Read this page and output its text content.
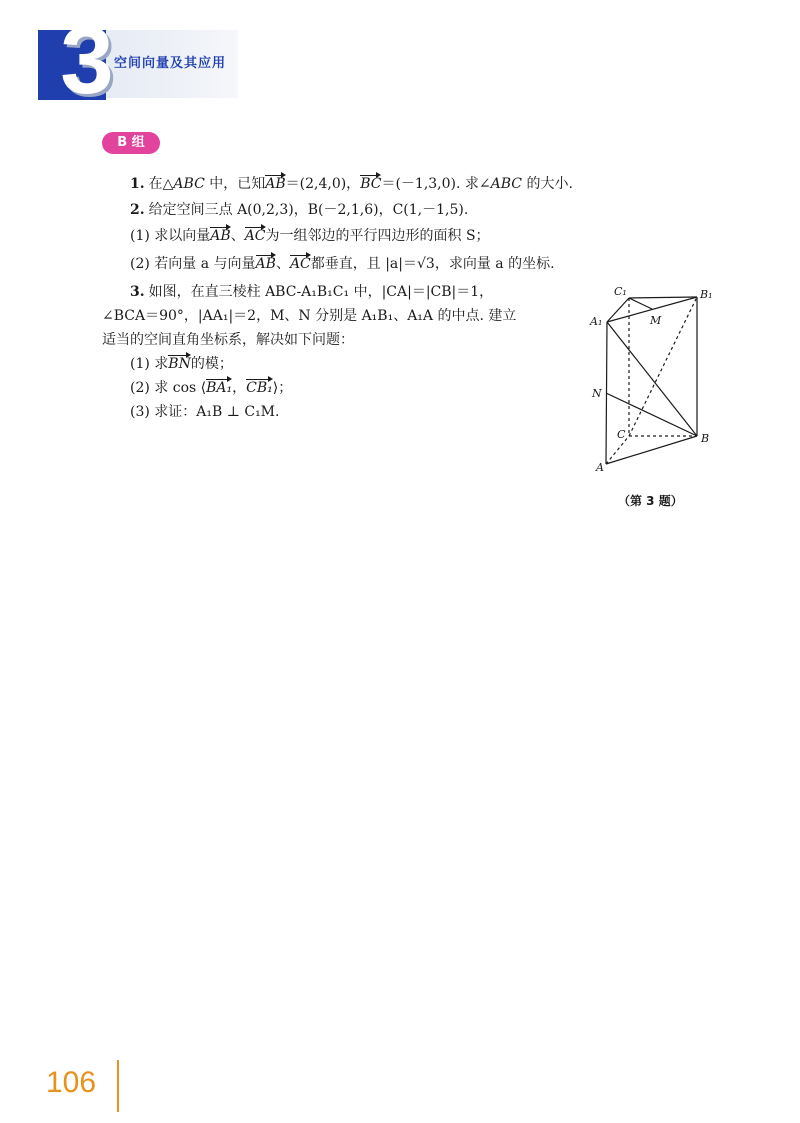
3 空间向量及其应用
B 组
1. 在△ABC 中，已知AB＝(2,4,0)，BC＝(－1,3,0). 求∠ABC 的大小.
2. 给定空间三点 A(0,2,3)，B(－2,1,6)，C(1,－1,5).
(1) 求以向量AB、AC为一组邻边的平行四边形的面积 S；
(2) 若向量 a 与向量AB、AC都垂直，且 |a|＝√3，求向量 a 的坐标.
3. 如图，在直三棱柱 ABC-A₁B₁C₁ 中，|CA|＝|CB|＝1，
∠BCA＝90°，|AA₁|＝2，M、N 分别是 A₁B₁、A₁A 的中点. 建立
适当的空间直角坐标系，解决如下问题：
(1) 求BN的模；
(2) 求 cos ⟨BA₁，CB₁⟩；
(3) 求证：A₁B ⊥ C₁M.
C₁	B₁
A₁	M
N
C	B
A
（第 3 题）
106
